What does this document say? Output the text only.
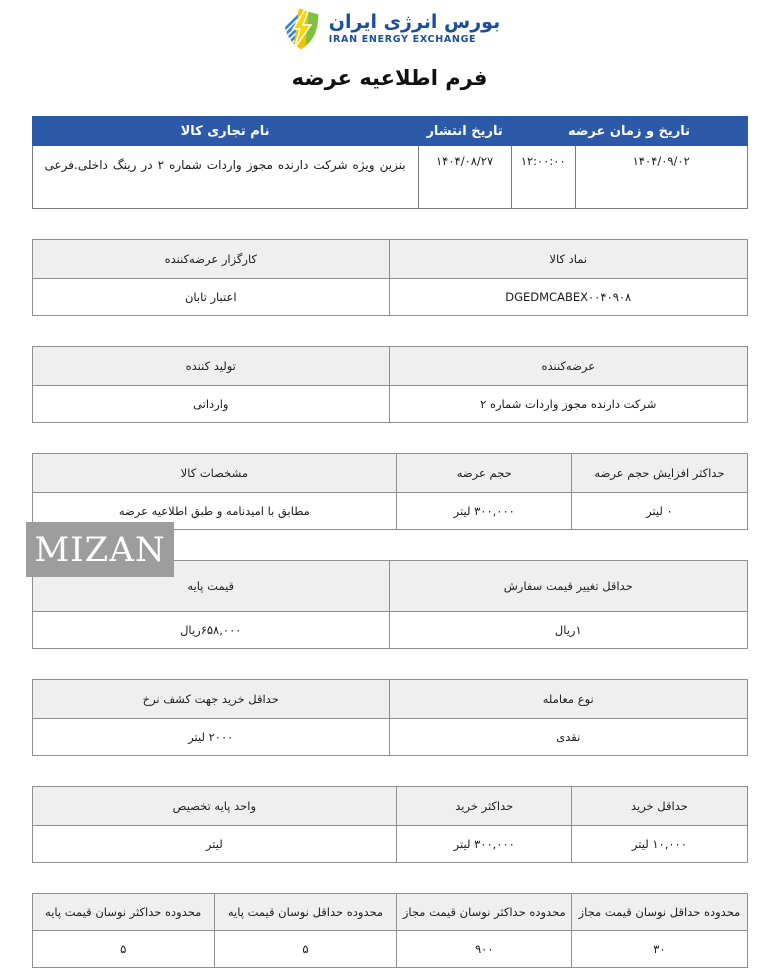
بورس انرژی ایران
IRAN ENERGY EXCHANGE
فرم اطلاعیه عرضه
تاریخ و زمان عرضه		تاریخ انتشار	نام تجاری کالا
۱۴۰۴/۰۹/۰۲	۱۲:۰۰:۰۰	۱۴۰۴/۰۸/۲۷	بنزین ویژه شرکت دارنده مجوز واردات شماره ۲ در رینگ داخلی.فرعی
نماد کالا	کارگزار عرضه‌کننده
DGEDMCABEX۰۰۴۰۹۰۸	اعتبار تابان
عرضه‌کننده	تولید کننده
شرکت دارنده مجوز واردات شماره ۲	وارداتی
حداکثر افزایش حجم عرضه	حجم عرضه	مشخصات کالا
۰ لیتر	۳۰۰,۰۰۰ لیتر	مطابق با امیدنامه و طبق اطلاعیه عرضه
حداقل تغییر قیمت سفارش	قیمت پایه
۱ریال	۶۵۸,۰۰۰ریال
نوع معامله	حداقل خرید جهت کشف نرخ
نقدی	۲۰۰۰ لیتر
حداقل خرید	حداکثر خرید	واحد پایه تخصیص
۱۰,۰۰۰ لیتر	۳۰۰,۰۰۰ لیتر	لیتر
محدوده حداقل نوسان قیمت مجاز	محدوده حداکثر نوسان قیمت مجاز	محدوده حداقل نوسان قیمت پایه	محدوده حداکثر نوسان قیمت پایه
۳۰	۹۰۰	۵	۵
MIZAN
